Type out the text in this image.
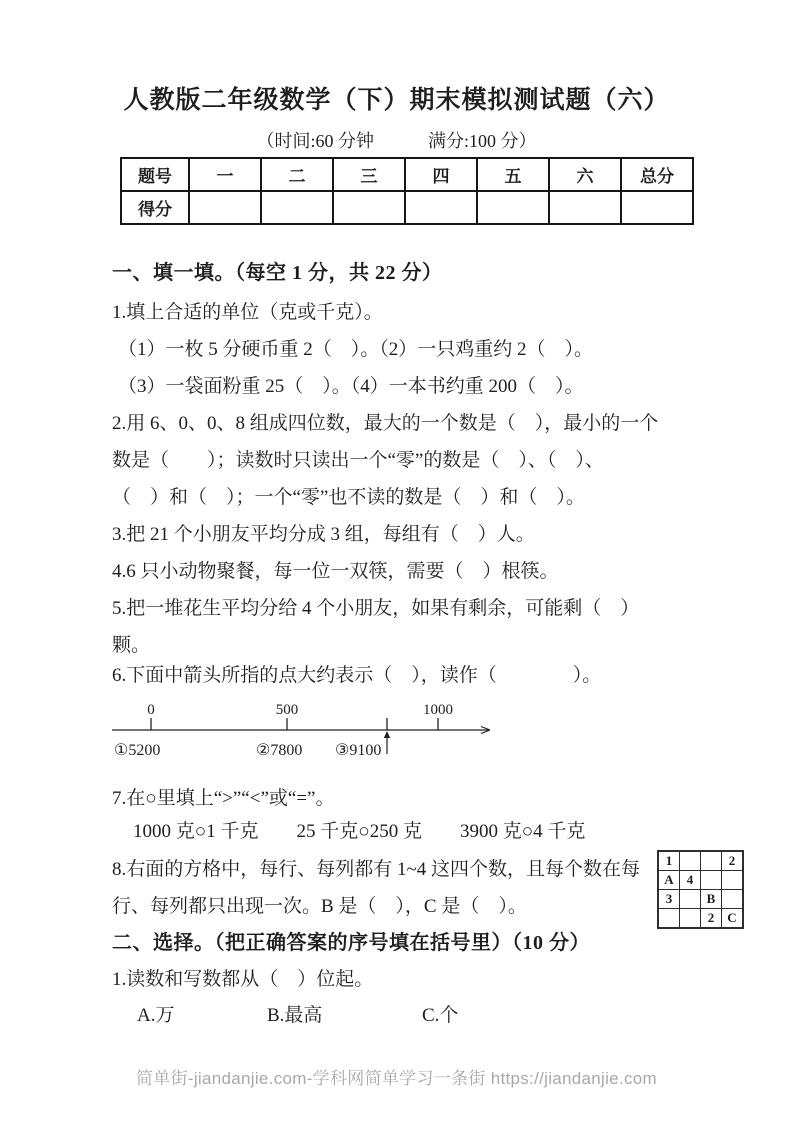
人教版二年级数学（下）期末模拟测试题（六）
（时间:60 分钟　　　满分:100 分）
题号	一	二	三	四	五	六	总分
得分							
一、填一填。（每空 1 分，共 22 分）
1.填上合适的单位（克或千克）。
（1）一枚 5 分硬币重 2（　）。（2）一只鸡重约 2（　）。
（3）一袋面粉重 25（　）。（4）一本书约重 200（　）。
2.用 6、0、0、8 组成四位数，最大的一个数是（　），最小的一个
数是（　　）；读数时只读出一个“零”的数是（　）、（　）、
（　）和（　）；一个“零”也不读的数是（　）和（　）。
3.把 21 个小朋友平均分成 3 组，每组有（　）人。
4.6 只小动物聚餐，每一位一双筷，需要（　）根筷。
5.把一堆花生平均分给 4 个小朋友，如果有剩余，可能剩（　）
颗。
6.下面中箭头所指的点大约表示（　），读作（　　　　）。
0	500	1000
①5200	②7800 ③9100
7.在○里填上“>”“<”或“=”。
1000 克○1 千克　　25 千克○250 克　　3900 克○4 千克
8.右面的方格中，每行、每列都有 1~4 这四个数，且每个数在每
行、每列都只出现一次。B 是（　），C 是（　）。
1			2
A	4		
3		B	
		2	C
二、选择。（把正确答案的序号填在括号里）（10 分）
1.读数和写数都从（　）位起。
A.万	B.最高	C.个
简单街-jiandanjie.com-学科网简单学习一条街 https://jiandanjie.com
